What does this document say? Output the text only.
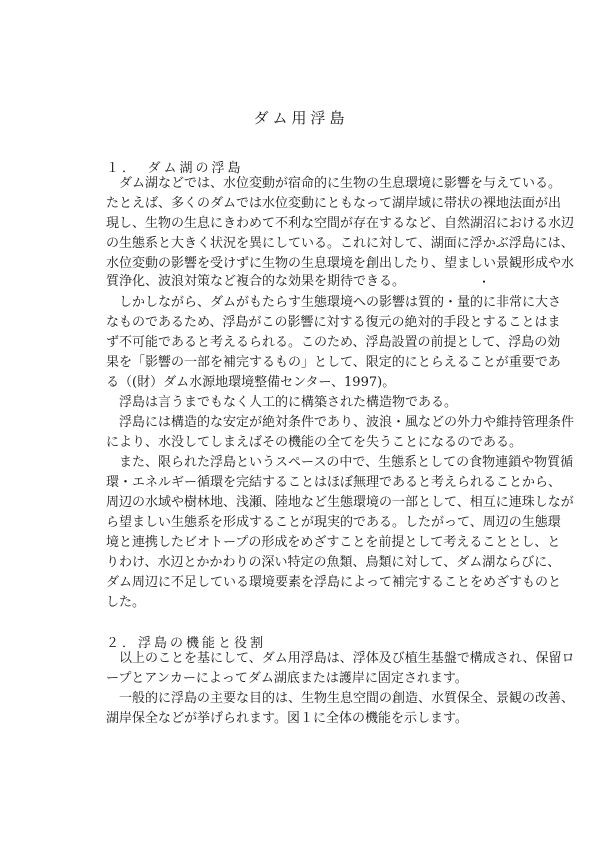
ダム用浮島
１．　ダム湖の浮島
　ダム湖などでは、水位変動が宿命的に生物の生息環境に影響を与えている。
たとえば、多くのダムでは水位変動にともなって湖岸域に帯状の裸地法面が出
現し、生物の生息にきわめて不利な空間が存在するなど、自然湖沼における水辺
の生態系と大きく状況を異にしている。これに対して、湖面に浮かぶ浮島には、
水位変動の影響を受けずに生物の生息環境を創出したり、望ましい景観形成や水
質浄化、波浪対策など複合的な効果を期待できる。	・
　しかしながら、ダムがもたらす生態環境への影響は質的・量的に非常に大さ
なものであるため、浮島がこの影響に対する復元の絶対的手段とすることはま
ず不可能であると考えるられる。このため、浮島設置の前提として、浮島の効
果を「影響の一部を補完するもの」として、限定的にとらえることが重要であ
る（(財）ダム水源地環境整備センター、1997)。
　浮島は言うまでもなく人工的に構築された構造物である。
　浮島には構造的な安定が絶対条件であり、波浪・風などの外力や維持管理条件
により、水没してしまえばその機能の全てを失うことになるのである。
　また、限られた浮島というスペースの中で、生態系としての食物連鎖や物質循
環・エネルギー循環を完結することはほぼ無理であると考えられることから、
周辺の水域や樹林地、浅瀬、陸地など生態環境の一部として、相互に連珠しなが
ら望ましい生態系を形成することが現実的である。したがって、周辺の生態環
境と連携したビオトープの形成をめざすことを前提として考えることとし、と
りわけ、水辺とかかわりの深い特定の魚類、鳥類に対して、ダム湖ならびに、
ダム周辺に不足している環境要素を浮島によって補完することをめざすものと
した。
２．浮島の機能と役割
　以上のことを基にして、ダム用浮島は、浮体及び植生基盤で構成され、保留ロ
ープとアンカーによってダム湖底または護岸に固定されます。
　一般的に浮島の主要な目的は、生物生息空間の創造、水質保全、景観の改善、
湖岸保全などが挙げられます。図１に全体の機能を示します。
